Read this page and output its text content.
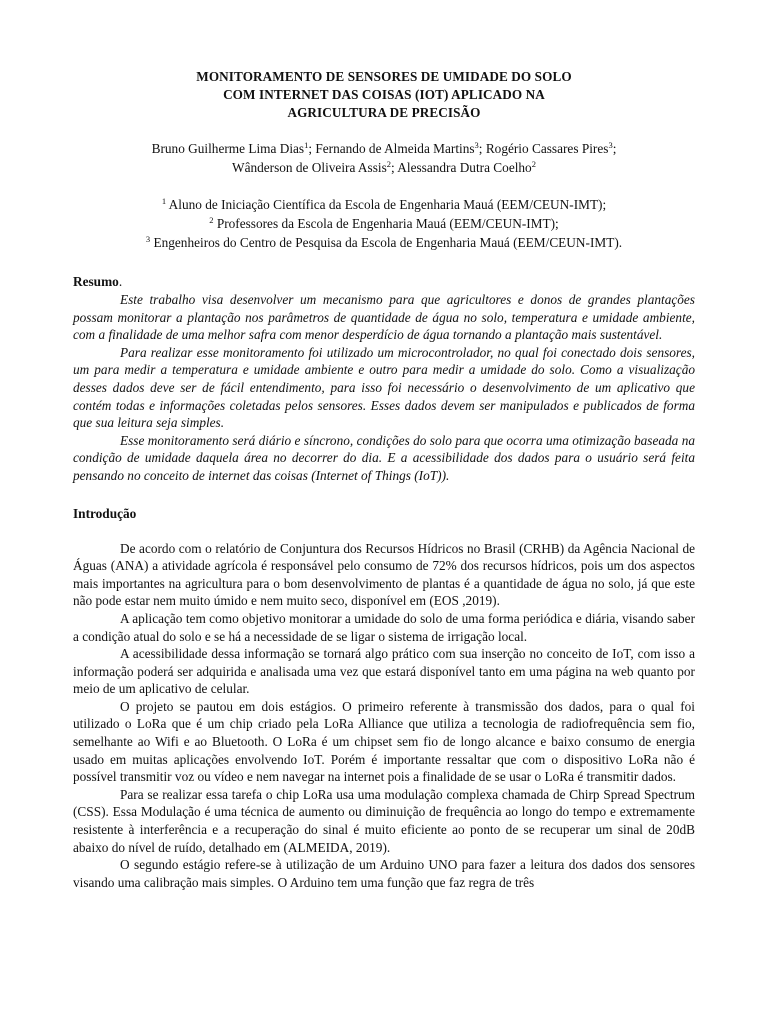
MONITORAMENTO DE SENSORES DE UMIDADE DO SOLO
COM INTERNET DAS COISAS (IOT) APLICADO NA
AGRICULTURA DE PRECISÃO
Bruno Guilherme Lima Dias$^1$; Fernando de Almeida Martins$^3$; Rogério Cassares Pires$^3$;
Wânderson de Oliveira Assis$^2$; Alessandra Dutra Coelho$^2$
$^1$ Aluno de Iniciação Científica da Escola de Engenharia Mauá (EEM/CEUN-IMT);
$^2$ Professores da Escola de Engenharia Mauá (EEM/CEUN-IMT);
$^3$ Engenheiros do Centro de Pesquisa da Escola de Engenharia Mauá (EEM/CEUN-IMT).
Resumo.

Este trabalho visa desenvolver um mecanismo para que agricultores e donos de grandes plantações possam monitorar a plantação nos parâmetros de quantidade de água no solo, temperatura e umidade ambiente, com a finalidade de uma melhor safra com menor desperdício de água tornando a plantação mais sustentável.

Para realizar esse monitoramento foi utilizado um microcontrolador, no qual foi conectado dois sensores, um para medir a temperatura e umidade ambiente e outro para medir a umidade do solo. Como a visualização desses dados deve ser de fácil entendimento, para isso foi necessário o desenvolvimento de um aplicativo que contém todas e informações coletadas pelos sensores. Esses dados devem ser manipulados e publicados de forma que sua leitura seja simples.

Esse monitoramento será diário e síncrono, condições do solo para que ocorra uma otimização baseada na condição de umidade daquela área no decorrer do dia. E a acessibilidade dos dados para o usuário será feita pensando no conceito de internet das coisas (Internet of Things (IoT)).

Introdução

De acordo com o relatório de Conjuntura dos Recursos Hídricos no Brasil (CRHB) da Agência Nacional de Águas (ANA) a atividade agrícola é responsável pelo consumo de 72% dos recursos hídricos, pois um dos aspectos mais importantes na agricultura para o bom desenvolvimento de plantas é a quantidade de água no solo, já que este não pode estar nem muito úmido e nem muito seco, disponível em (EOS ,2019).

A aplicação tem como objetivo monitorar a umidade do solo de uma forma periódica e diária, visando saber a condição atual do solo e se há a necessidade de se ligar o sistema de irrigação local.

A acessibilidade dessa informação se tornará algo prático com sua inserção no conceito de IoT, com isso a informação poderá ser adquirida e analisada uma vez que estará disponível tanto em uma página na web quanto por meio de um aplicativo de celular.

O projeto se pautou em dois estágios. O primeiro referente à transmissão dos dados, para o qual foi utilizado o LoRa que é um chip criado pela LoRa Alliance que utiliza a tecnologia de radiofrequência sem fio, semelhante ao Wifi e ao Bluetooth. O LoRa é um chipset sem fio de longo alcance e baixo consumo de energia usado em muitas aplicações envolvendo IoT. Porém é importante ressaltar que com o dispositivo LoRa não é possível transmitir voz ou vídeo e nem navegar na internet pois a finalidade de se usar o LoRa é transmitir dados.

Para se realizar essa tarefa o chip LoRa usa uma modulação complexa chamada de Chirp Spread Spectrum (CSS). Essa Modulação é uma técnica de aumento ou diminuição de frequência ao longo do tempo e extremamente resistente à interferência e a recuperação do sinal é muito eficiente ao ponto de se recuperar um sinal de 20dB abaixo do nível de ruído, detalhado em (ALMEIDA, 2019).

O segundo estágio refere-se à utilização de um Arduino UNO para fazer a leitura dos dados dos sensores visando uma calibração mais simples. O Arduino tem uma função que faz regra de três
